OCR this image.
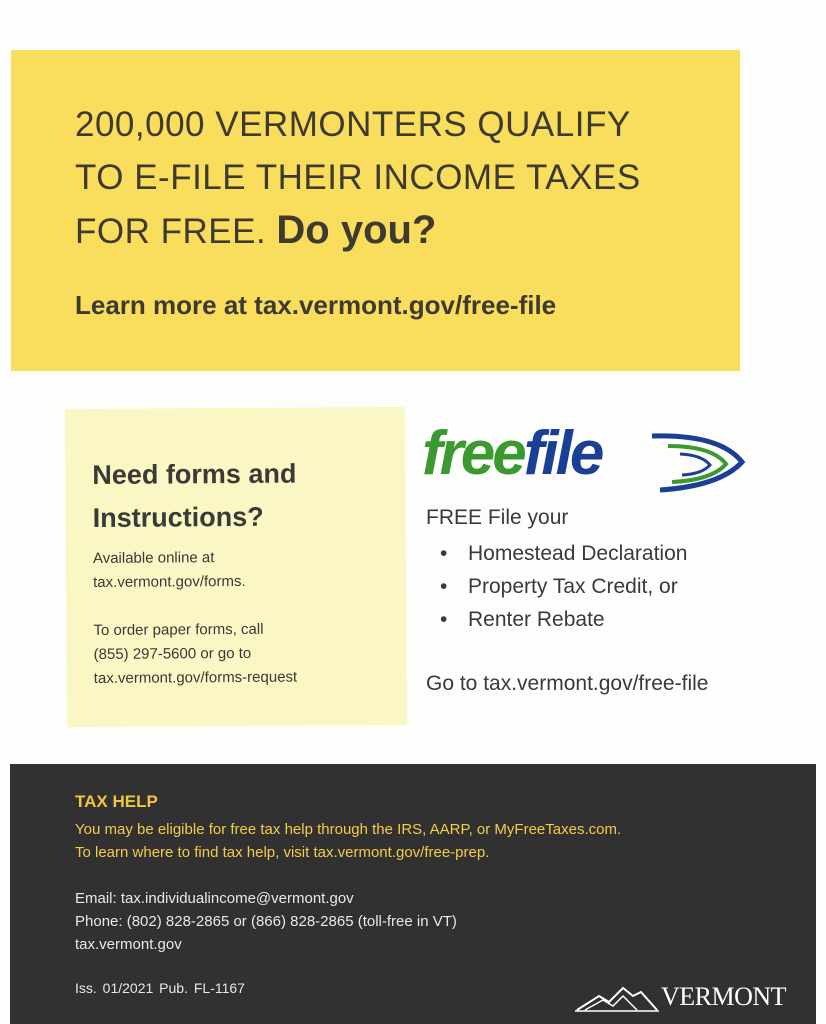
200,000 VERMONTERS QUALIFY
TO E-FILE THEIR INCOME TAXES
FOR FREE. Do you?
Learn more at tax.vermont.gov/free-file
Need forms and
Instructions?
Available online at
tax.vermont.gov/forms.
To order paper forms, call
(855) 297-5600 or go to
tax.vermont.gov/forms-request
freefile
FREE File your
• Homestead Declaration
• Property Tax Credit, or
• Renter Rebate
Go to tax.vermont.gov/free-file
TAX HELP
You may be eligible for free tax help through the IRS, AARP, or MyFreeTaxes.com.
To learn where to find tax help, visit tax.vermont.gov/free-prep.
Email: tax.individualincome@vermont.gov
Phone: (802) 828-2865 or (866) 828-2865 (toll-free in VT)
tax.vermont.gov
Iss. 01/2021 Pub. FL-1167	VERMONT
